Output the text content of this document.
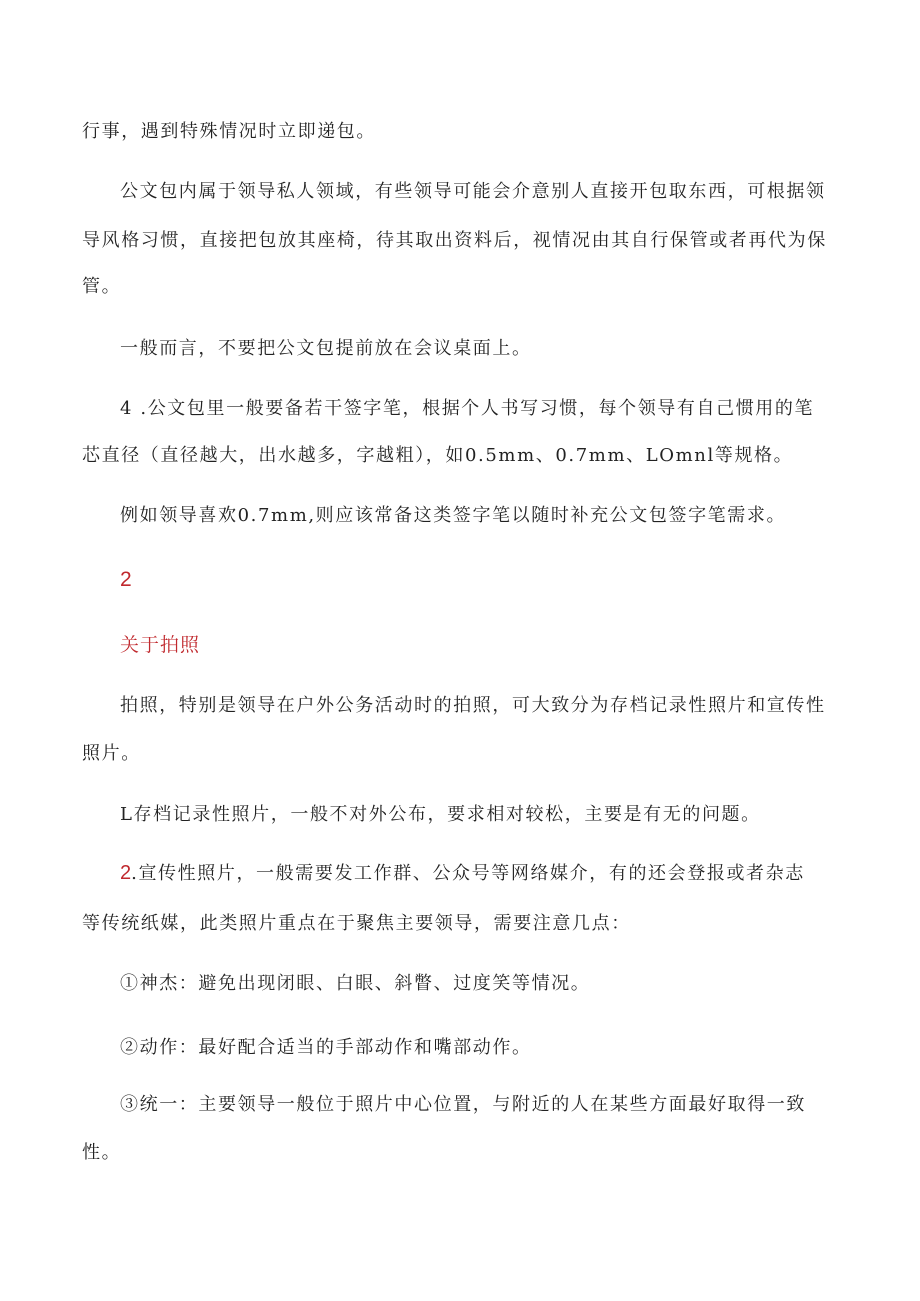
行事，遇到特殊情况时立即递包。
公文包内属于领导私人领域，有些领导可能会介意别人直接开包取东西，可根据领
导风格习惯，直接把包放其座椅，待其取出资料后，视情况由其自行保管或者再代为保
管。
一般而言，不要把公文包提前放在会议桌面上。
4 .公文包里一般要备若干签字笔，根据个人书写习惯，每个领导有自己惯用的笔
芯直径（直径越大，出水越多，字越粗），如0.5mm、0.7mm、LOmnl等规格。
例如领导喜欢0.7mm,则应该常备这类签字笔以随时补充公文包签字笔需求。
2
关于拍照
拍照，特别是领导在户外公务活动时的拍照，可大致分为存档记录性照片和宣传性
照片。
L存档记录性照片，一般不对外公布，要求相对较松，主要是有无的问题。
2.宣传性照片，一般需要发工作群、公众号等网络媒介，有的还会登报或者杂志
等传统纸媒，此类照片重点在于聚焦主要领导，需要注意几点：
①神杰：避免出现闭眼、白眼、斜瞥、过度笑等情况。
②动作：最好配合适当的手部动作和嘴部动作。
③统一：主要领导一般位于照片中心位置，与附近的人在某些方面最好取得一致
性。
